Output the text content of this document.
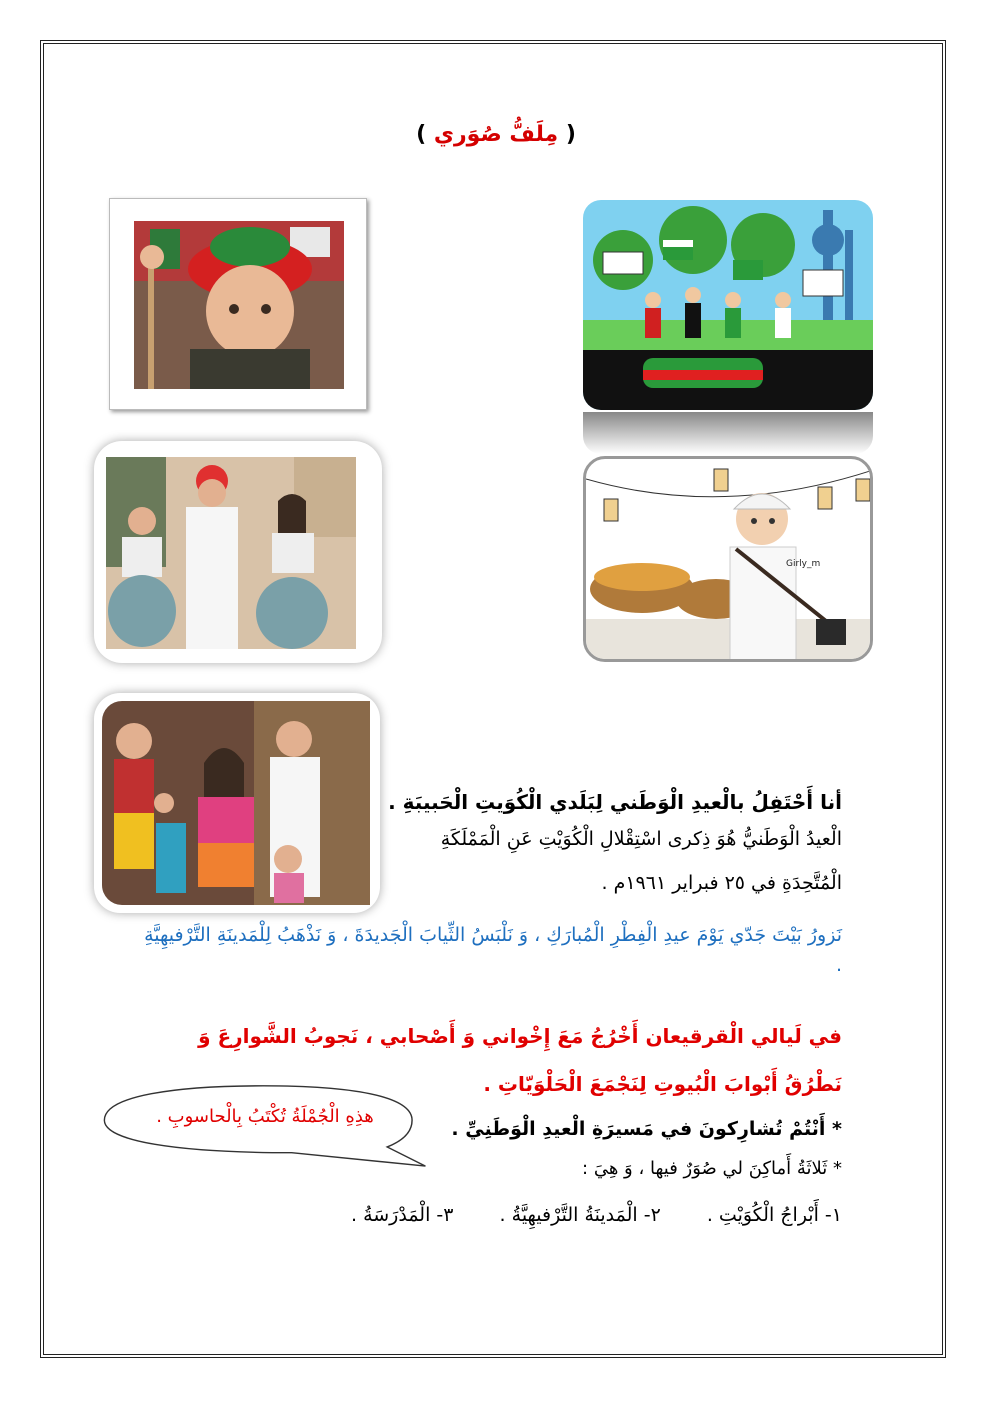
( مِلَفُّ صُوَري )
Girly_m
أنا أَحْتَفِلُ بالْعيدِ الْوَطَني لِبَلَدي الْكُوَيتِ الْحَبيبَةِ .
الْعيدُ الْوَطَنيُّ هُوَ ذِكرى اسْتِقْلالِ الْكُوَيْتِ عَنِ الْمَمْلَكَةِ
الْمُتَّحِدَةِ في ٢٥ فبراير ١٩٦١م .
نَزورُ بَيْتَ جَدّي يَوْمَ عيدِ الْفِطْرِ الْمُبارَكِ ، وَ نَلْبَسُ الثِّيابَ الْجَديدَةَ ، وَ نَذْهَبُ لِلْمَدينَةِ التَّرْفيهِيَّةِ .
في لَيالي الْقرقيعان أَخْرُجُ مَعَ إِخْواني وَ أَصْحابي ، نَجوبُ الشَّوارِعَ وَ نَطْرُقُ أَبْوابَ الْبُيوتِ لِنَجْمَعَ الْحَلْوَيّاتِ .
* أَنْتُمْ تُشارِكونَ في مَسيرَةِ الْعيدِ الْوَطَنِيِّ .
* ثَلاثَةُ أَماكِنَ لي صُوَرٌ فيها ، وَ هِيَ :
١- أَبْراجُ الْكُوَيْتِ . ٢- الْمَدينَةُ التَّرْفيهِيَّةُ . ٣- الْمَدْرَسَةُ .
هذِهِ الْجُمْلَةُ تُكْتَبُ بِالْحاسوبِ .
